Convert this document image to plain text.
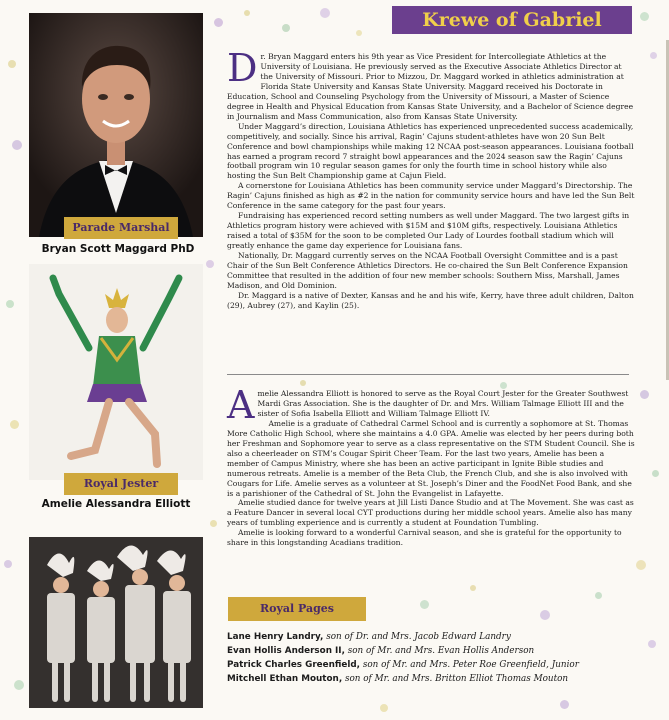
Krewe of Gabriel
Parade Marshal
Bryan Scott Maggard PhD
Royal Jester
Amelie Alessandra Elliott
Royal Pages
D r. Bryan Maggard enters his 9th year as Vice President for Intercollegiate Athletics at the University of Louisiana. He previously served as the Executive Associate Athletics Director at the University of Missouri. Prior to Mizzou, Dr. Maggard worked in athletics administration at Florida State University and Kansas State University. Maggard received his Doctorate in Education, School and Counseling Psychology from the University of Missouri, a Master of Science degree in Health and Physical Education from Kansas State University, and a Bachelor of Science degree in Journalism and Mass Communication, also from Kansas State University.

Under Maggard’s direction, Louisiana Athletics has experienced unprecedented success academically, competitively, and socially. Since his arrival, Ragin’ Cajuns student-athletes have won 20 Sun Belt Conference and bowl championships while making 12 NCAA post-season appearances. Louisiana football has earned a program record 7 straight bowl appearances and the 2024 season saw the Ragin’ Cajuns football program win 10 regular season games for only the fourth time in school history while also hosting the Sun Belt Championship game at Cajun Field.

A cornerstone for Louisiana Athletics has been community service under Maggard’s Directorship. The Ragin’ Cajuns finished as high as #2 in the nation for community service hours and have led the Sun Belt Conference in the same category for the past four years.

Fundraising has experienced record setting numbers as well under Maggard. The two largest gifts in Athletics program history were achieved with $15M and $10M gifts, respectively. Louisiana Athletics raised a total of $35M for the soon to be completed Our Lady of Lourdes football stadium which will greatly enhance the game day experience for Louisiana fans.

Nationally, Dr. Maggard currently serves on the NCAA Football Oversight Committee and is a past Chair of the Sun Belt Conference Athletics Directors. He co-chaired the Sun Belt Conference Expansion Committee that resulted in the addition of four new member schools: Southern Miss, Marshall, James Madison, and Old Dominion.

Dr. Maggard is a native of Dexter, Kansas and he and his wife, Kerry, have three adult children, Dalton (29), Aubrey (27), and Kaylin (25).

A melie Alessandra Elliott is honored to serve as the Royal Court Jester for the Greater Southwest Mardi Gras Association. She is the daughter of Dr. and Mrs. William Talmage Elliott III and the sister of Sofia Isabella Elliott and William Talmage Elliott IV.

Amelie is a graduate of Cathedral Carmel School and is currently a sophomore at St. Thomas More Catholic High School, where she maintains a 4.0 GPA. Amelie was elected by her peers during both her Freshman and Sophomore year to serve as a class representative on the STM Student Council. She is also a cheerleader on STM’s Cougar Spirit Cheer Team. For the last two years, Amelie has been a member of Campus Ministry, where she has been an active participant in Ignite Bible studies and numerous retreats. Amelie is a member of the Beta Club, the French Club, and she is also involved with Cougars for Life. Amelie serves as a volunteer at St. Joseph’s Diner and the FoodNet Food Bank, and she is a parishioner of the Cathedral of St. John the Evangelist in Lafayette.

Amelie studied dance for twelve years at Jill Listi Dance Studio and at The Movement. She was cast as a Feature Dancer in several local CYT productions during her middle school years. Amelie also has many years of tumbling experience and is currently a student at Foundation Tumbling.

Amelie is looking forward to a wonderful Carnival season, and she is grateful for the opportunity to share in this longstanding Acadians tradition.

Lane Henry Landry, son of Dr. and Mrs. Jacob Edward Landry
Evan Hollis Anderson II, son of Mr. and Mrs. Evan Hollis Anderson
Patrick Charles Greenfield, son of Mr. and Mrs. Peter Roe Greenfield, Junior
Mitchell Ethan Mouton, son of Mr. and Mrs. Britton Elliot Thomas Mouton
